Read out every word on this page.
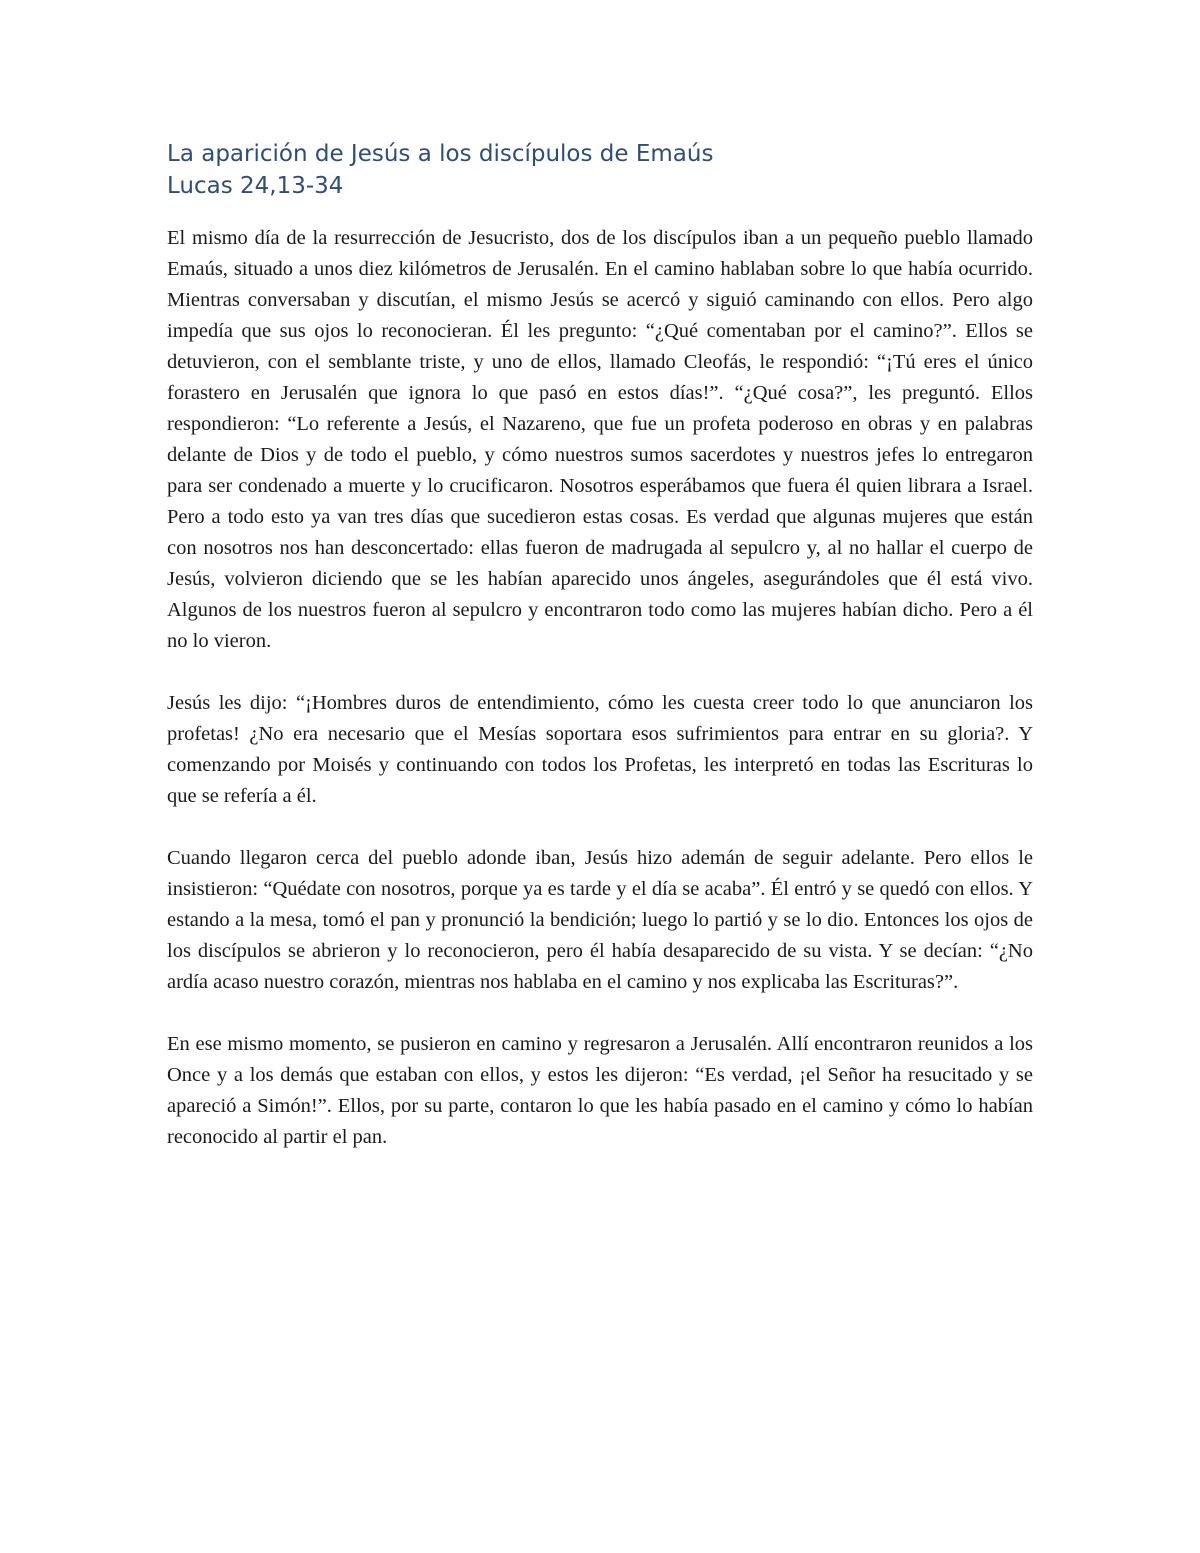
La aparición de Jesús a los discípulos de Emaús
Lucas 24,13-34

El mismo día de la resurrección de Jesucristo, dos de los discípulos iban a un pequeño pueblo llamado Emaús, situado a unos diez kilómetros de Jerusalén. En el camino hablaban sobre lo que había ocurrido. Mientras conversaban y discutían, el mismo Jesús se acercó y siguió caminando con ellos. Pero algo impedía que sus ojos lo reconocieran. Él les pregunto: “¿Qué comentaban por el camino?”. Ellos se detuvieron, con el semblante triste, y uno de ellos, llamado Cleofás, le respondió: “¡Tú eres el único forastero en Jerusalén que ignora lo que pasó en estos días!”. “¿Qué cosa?”, les preguntó. Ellos respondieron: “Lo referente a Jesús, el Nazareno, que fue un profeta poderoso en obras y en palabras delante de Dios y de todo el pueblo, y cómo nuestros sumos sacerdotes y nuestros jefes lo entregaron para ser condenado a muerte y lo crucificaron. Nosotros esperábamos que fuera él quien librara a Israel. Pero a todo esto ya van tres días que sucedieron estas cosas. Es verdad que algunas mujeres que están con nosotros nos han desconcertado: ellas fueron de madrugada al sepulcro y, al no hallar el cuerpo de Jesús, volvieron diciendo que se les habían aparecido unos ángeles, asegurándoles que él está vivo. Algunos de los nuestros fueron al sepulcro y encontraron todo como las mujeres habían dicho. Pero a él no lo vieron.

Jesús les dijo: “¡Hombres duros de entendimiento, cómo les cuesta creer todo lo que anunciaron los profetas! ¿No era necesario que el Mesías soportara esos sufrimientos para entrar en su gloria?. Y comenzando por Moisés y continuando con todos los Profetas, les interpretó en todas las Escrituras lo que se refería a él.

Cuando llegaron cerca del pueblo adonde iban, Jesús hizo ademán de seguir adelante. Pero ellos le insistieron: “Quédate con nosotros, porque ya es tarde y el día se acaba”. Él entró y se quedó con ellos. Y estando a la mesa, tomó el pan y pronunció la bendición; luego lo partió y se lo dio. Entonces los ojos de los discípulos se abrieron y lo reconocieron, pero él había desaparecido de su vista. Y se decían: “¿No ardía acaso nuestro corazón, mientras nos hablaba en el camino y nos explicaba las Escrituras?”.

En ese mismo momento, se pusieron en camino y regresaron a Jerusalén. Allí encontraron reunidos a los Once y a los demás que estaban con ellos, y estos les dijeron: “Es verdad, ¡el Señor ha resucitado y se apareció a Simón!”. Ellos, por su parte, contaron lo que les había pasado en el camino y cómo lo habían reconocido al partir el pan.
